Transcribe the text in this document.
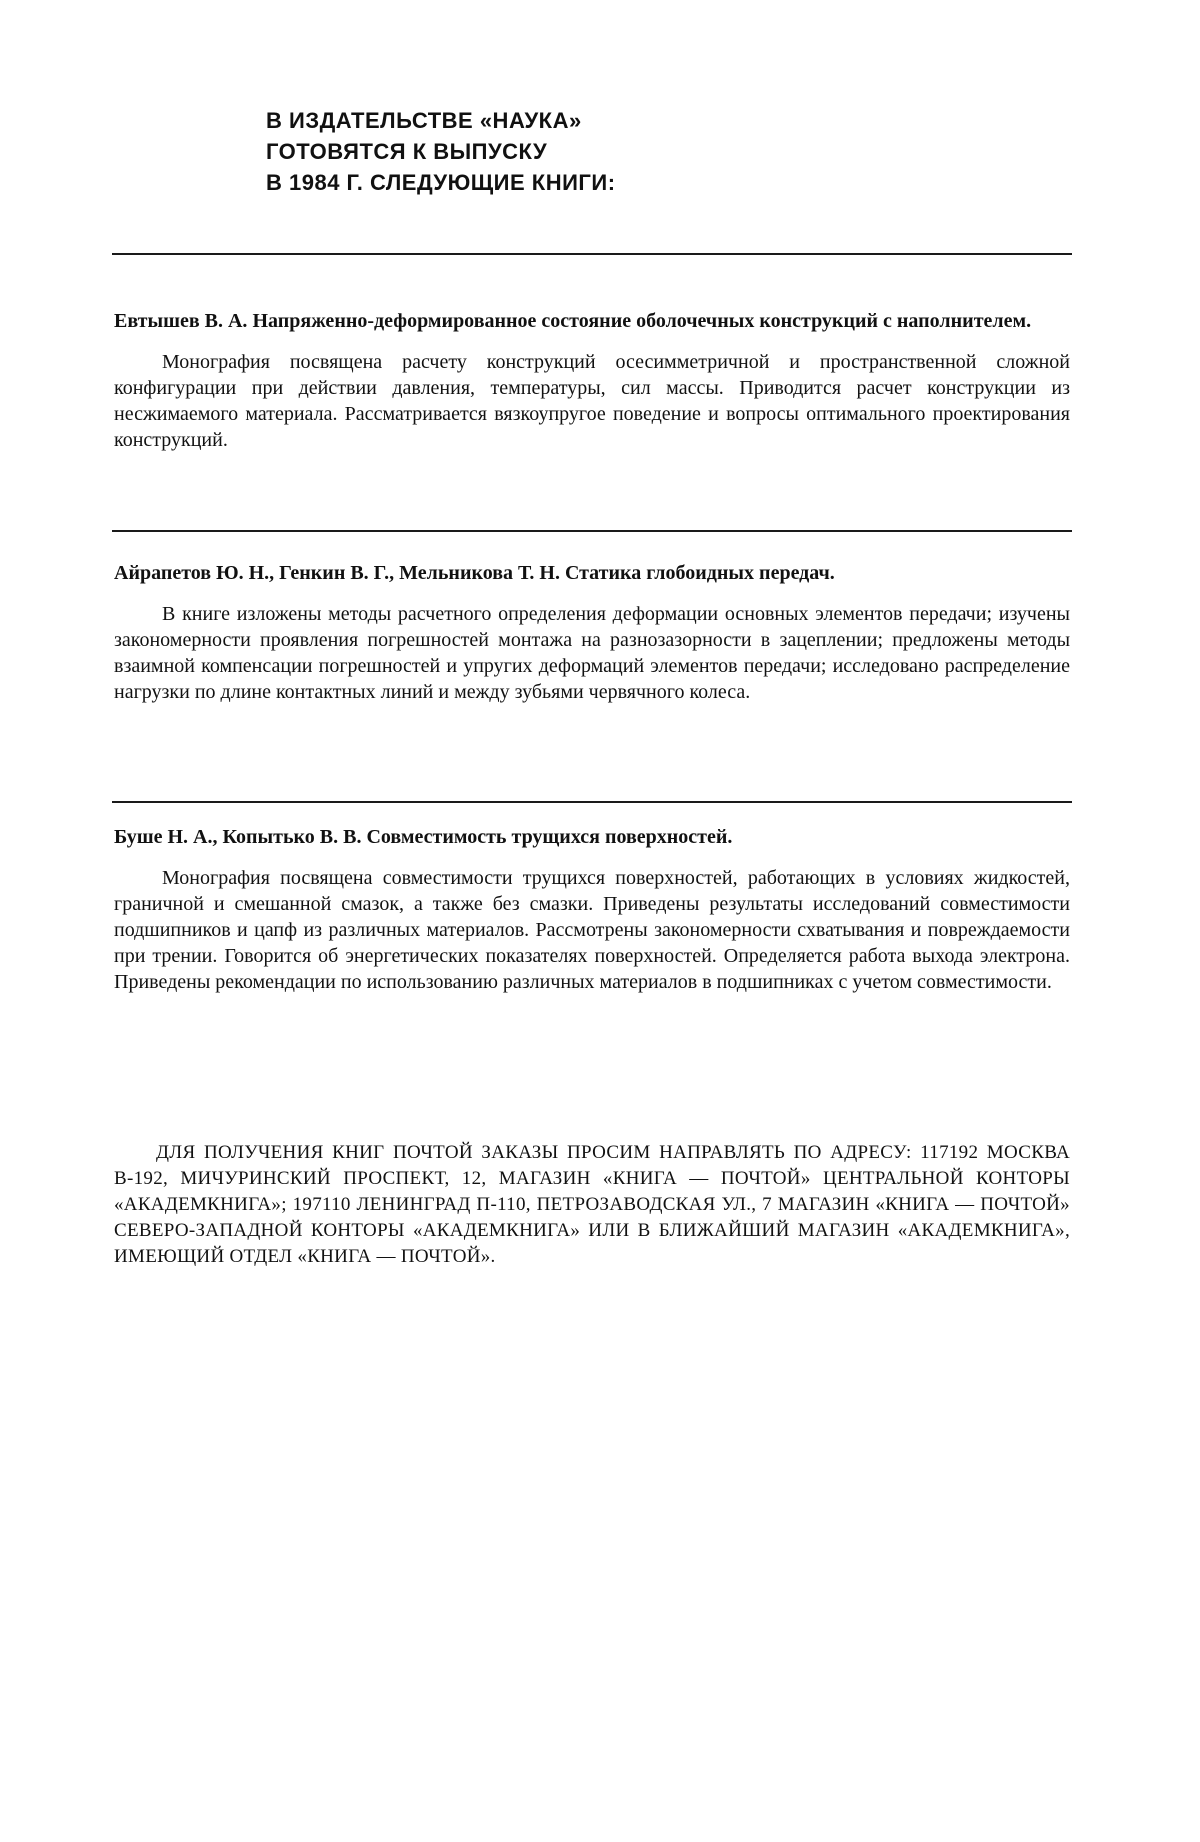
В ИЗДАТЕЛЬСТВЕ «НАУКА»
ГОТОВЯТСЯ К ВЫПУСКУ
В 1984 Г. СЛЕДУЮЩИЕ КНИГИ:

Евтышев В. А. Напряженно-деформированное состояние оболочечных конструкций с наполнителем.

Монография посвящена расчету конструкций осесимметричной и пространственной сложной конфигурации при действии давления, температуры, сил массы. Приводится расчет конструкции из несжимаемого материала. Рассматривается вязкоупругое поведение и вопросы оптимального проектирования конструкций.

Айрапетов Ю. Н., Генкин В. Г., Мельникова Т. Н. Статика глобоидных передач.

В книге изложены методы расчетного определения деформации основных элементов передачи; изучены закономерности проявления погрешностей монтажа на разнозазорности в зацеплении; предложены методы взаимной компенсации погрешностей и упругих деформаций элементов передачи; исследовано распределение нагрузки по длине контактных линий и между зубьями червячного колеса.

Буше Н. А., Копытько В. В. Совместимость трущихся поверхностей.

Монография посвящена совместимости трущихся поверхностей, работающих в условиях жидкостей, граничной и смешанной смазок, а также без смазки. Приведены результаты исследований совместимости подшипников и цапф из различных материалов. Рассмотрены закономерности схватывания и повреждаемости при трении. Говорится об энергетических показателях поверхностей. Определяется работа выхода электрона. Приведены рекомендации по использованию различных материалов в подшипниках с учетом совместимости.

ДЛЯ ПОЛУЧЕНИЯ КНИГ ПОЧТОЙ ЗАКАЗЫ ПРОСИМ НАПРАВЛЯТЬ ПО АДРЕСУ: 117192 МОСКВА В-192, МИЧУРИНСКИЙ ПРОСПЕКТ, 12, МАГАЗИН «КНИГА — ПОЧТОЙ» ЦЕНТРАЛЬНОЙ КОНТОРЫ «АКАДЕМКНИГА»; 197110 ЛЕНИНГРАД П-110, ПЕТРОЗАВОДСКАЯ УЛ., 7 МАГАЗИН «КНИГА — ПОЧТОЙ» СЕВЕРО-ЗАПАДНОЙ КОНТОРЫ «АКАДЕМКНИГА» ИЛИ В БЛИЖАЙШИЙ МАГАЗИН «АКАДЕМКНИГА», ИМЕЮЩИЙ ОТДЕЛ «КНИГА — ПОЧТОЙ».
